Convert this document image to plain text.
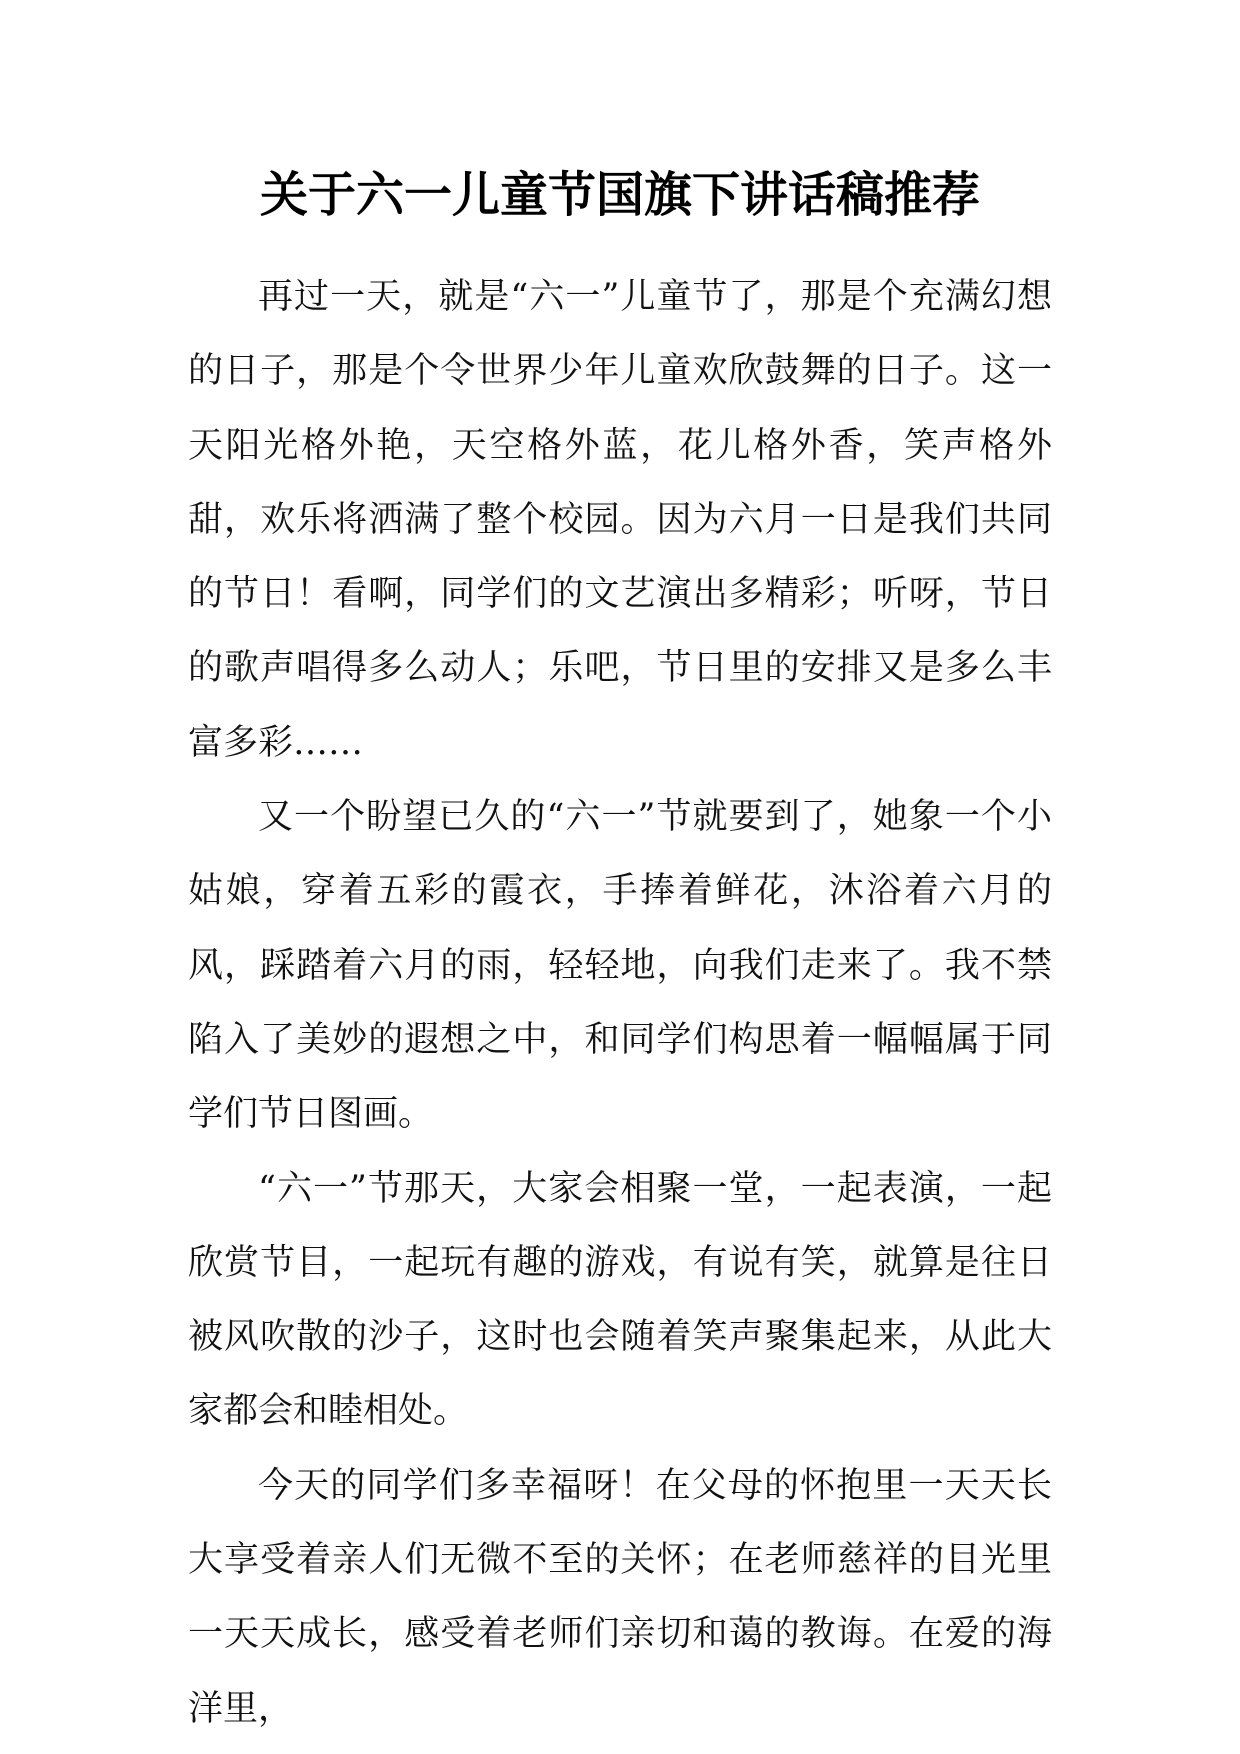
关于六一儿童节国旗下讲话稿推荐

再过一天，就是“六一”儿童节了，那是个充满幻想的日子，那是个令世界少年儿童欢欣鼓舞的日子。这一天阳光格外艳，天空格外蓝，花儿格外香，笑声格外甜，欢乐将洒满了整个校园。因为六月一日是我们共同的节日！看啊，同学们的文艺演出多精彩；听呀，节日的歌声唱得多么动人；乐吧，节日里的安排又是多么丰富多彩……

又一个盼望已久的“六一”节就要到了，她象一个小姑娘，穿着五彩的霞衣，手捧着鲜花，沐浴着六月的风，踩踏着六月的雨，轻轻地，向我们走来了。我不禁陷入了美妙的遐想之中，和同学们构思着一幅幅属于同学们节日图画。

“六一”节那天，大家会相聚一堂，一起表演，一起欣赏节目，一起玩有趣的游戏，有说有笑，就算是往日被风吹散的沙子，这时也会随着笑声聚集起来，从此大家都会和睦相处。

今天的同学们多幸福呀！在父母的怀抱里一天天长大享受着亲人们无微不至的关怀；在老师慈祥的目光里一天天成长，感受着老师们亲切和蔼的教诲。在爱的海洋里，
